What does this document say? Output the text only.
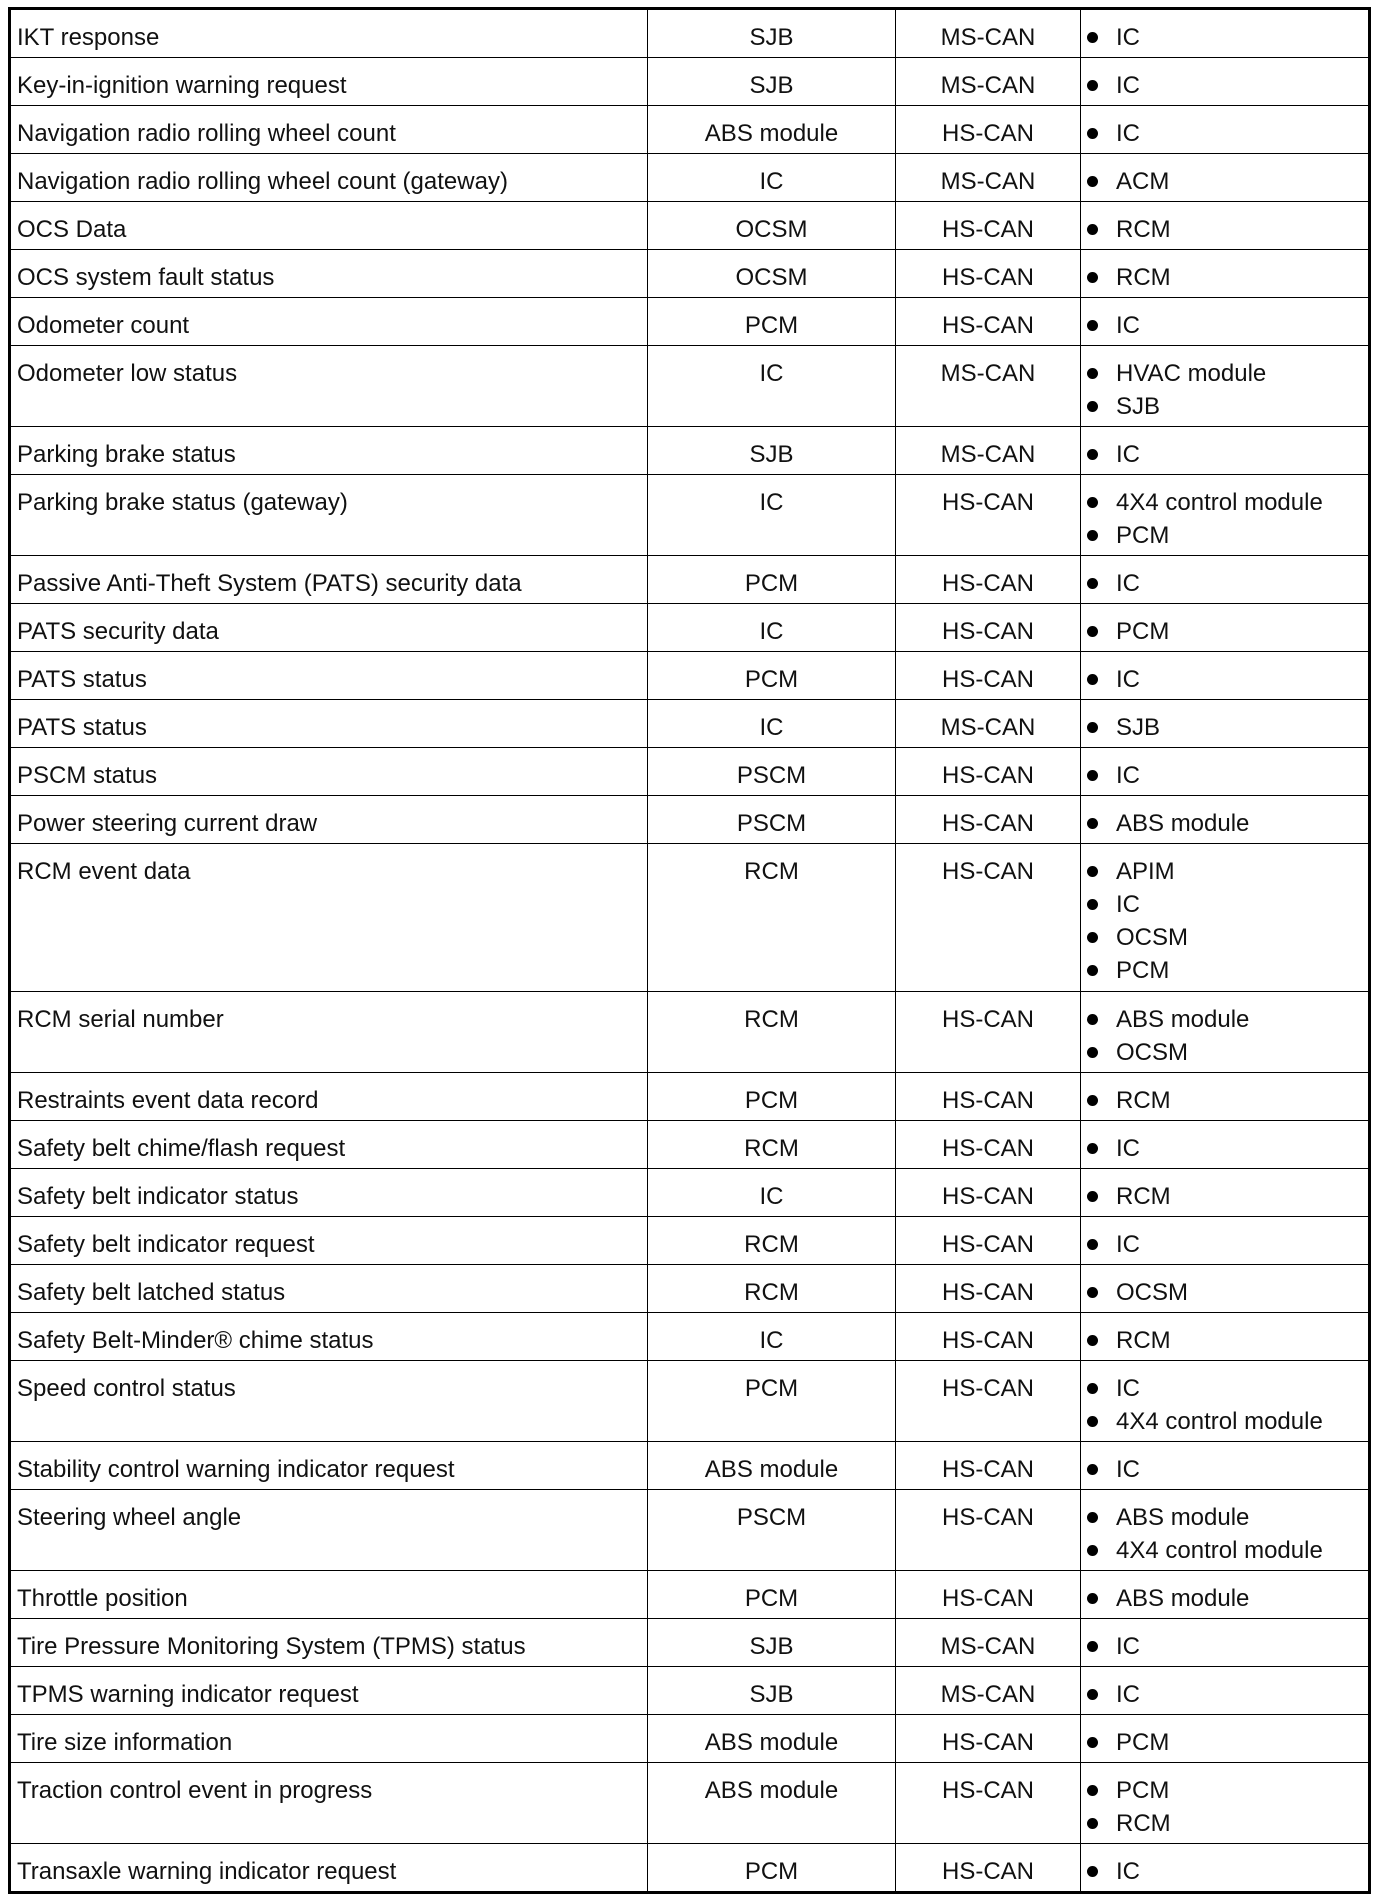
IKT response	SJB	MS-CAN	IC

Key-in-ignition warning request	SJB	MS-CAN	IC

Navigation radio rolling wheel count	ABS module	HS-CAN	IC

Navigation radio rolling wheel count (gateway)	IC	MS-CAN	ACM

OCS Data	OCSM	HS-CAN	RCM

OCS system fault status	OCSM	HS-CAN	RCM

Odometer count	PCM	HS-CAN	IC

Odometer low status	IC	MS-CAN	HVAC module
SJB

Parking brake status	SJB	MS-CAN	IC

Parking brake status (gateway)	IC	HS-CAN	4X4 control module
PCM

Passive Anti-Theft System (PATS) security data	PCM	HS-CAN	IC

PATS security data	IC	HS-CAN	PCM

PATS status	PCM	HS-CAN	IC

PATS status	IC	MS-CAN	SJB

PSCM status	PSCM	HS-CAN	IC

Power steering current draw	PSCM	HS-CAN	ABS module

RCM event data	RCM	HS-CAN	APIM
IC
OCSM
PCM

RCM serial number	RCM	HS-CAN	ABS module
OCSM

Restraints event data record	PCM	HS-CAN	RCM

Safety belt chime/flash request	RCM	HS-CAN	IC

Safety belt indicator status	IC	HS-CAN	RCM

Safety belt indicator request	RCM	HS-CAN	IC

Safety belt latched status	RCM	HS-CAN	OCSM

Safety Belt-Minder® chime status	IC	HS-CAN	RCM

Speed control status	PCM	HS-CAN	IC
4X4 control module

Stability control warning indicator request	ABS module	HS-CAN	IC

Steering wheel angle	PSCM	HS-CAN	ABS module
4X4 control module

Throttle position	PCM	HS-CAN	ABS module

Tire Pressure Monitoring System (TPMS) status	SJB	MS-CAN	IC

TPMS warning indicator request	SJB	MS-CAN	IC

Tire size information	ABS module	HS-CAN	PCM

Traction control event in progress	ABS module	HS-CAN	PCM
RCM

Transaxle warning indicator request	PCM	HS-CAN	IC
